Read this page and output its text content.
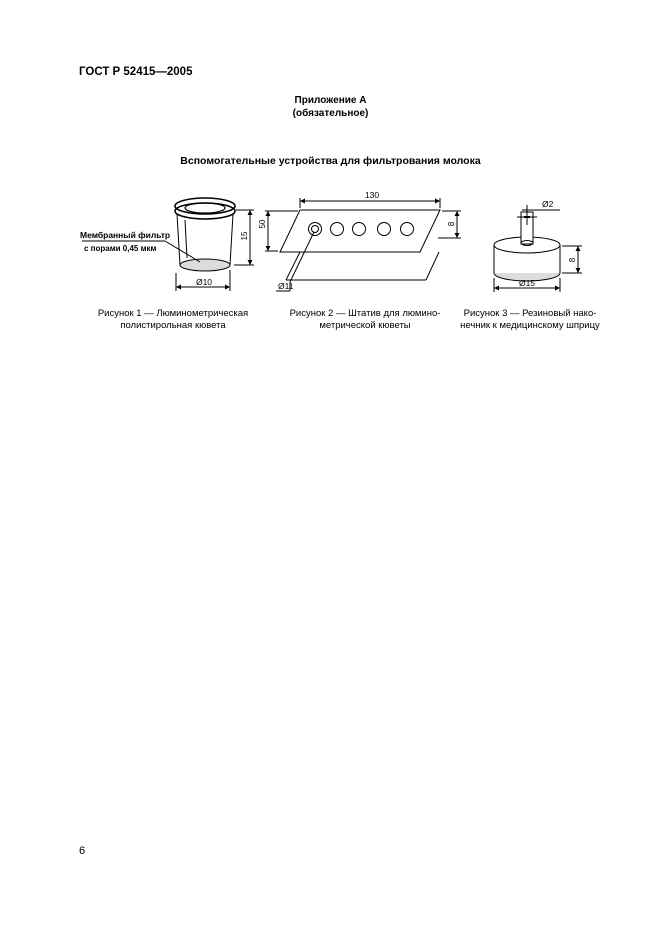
ГОСТ Р 52415—2005
Приложение А
(обязательное)
Вспомогательные устройства для фильтрования молока
Мембранный фильтр
с порами 0,45 мкм
15
Ø10
130
50	8
Ø11
Ø2
8
Ø15
Рисунок 1 — Люминометрическая
полистирольная кювета
Рисунок 2 — Штатив для люмино-
метрической кюветы
Рисунок 3 — Резиновый нако-
нечник к медицинскому шприцу
6
